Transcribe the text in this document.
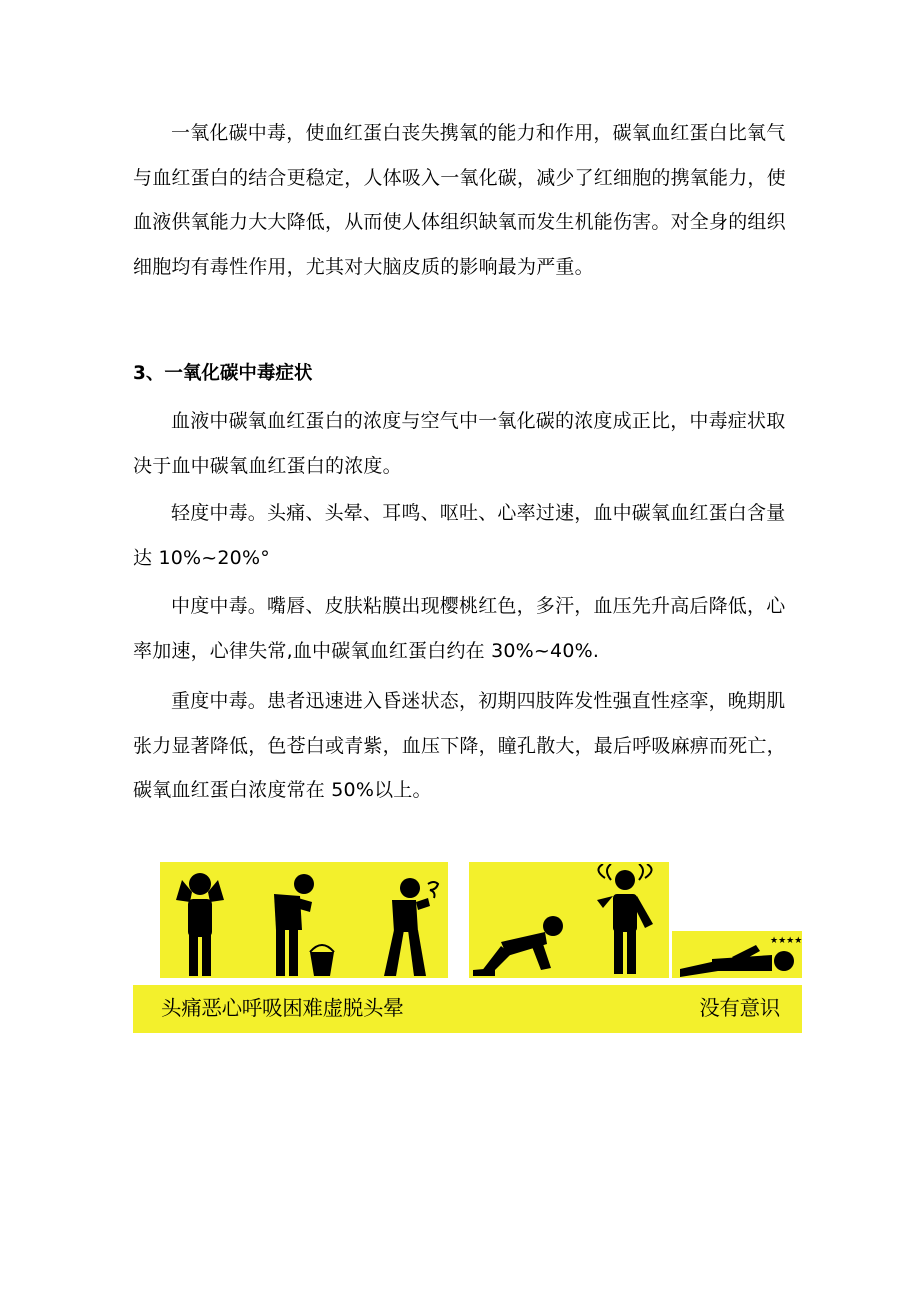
一氧化碳中毒，使血红蛋白丧失携氧的能力和作用，碳氧血红蛋白比氧气与血红蛋白的结合更稳定，人体吸入一氧化碳，减少了红细胞的携氧能力，使血液供氧能力大大降低，从而使人体组织缺氧而发生机能伤害。对全身的组织细胞均有毒性作用，尤其对大脑皮质的影响最为严重。

3、一氧化碳中毒症状

血液中碳氧血红蛋白的浓度与空气中一氧化碳的浓度成正比，中毒症状取决于血中碳氧血红蛋白的浓度。

轻度中毒。头痛、头晕、耳鸣、呕吐、心率过速，血中碳氧血红蛋白含量达 10%~20%°

中度中毒。嘴唇、皮肤粘膜出现樱桃红色，多汗，血压先升高后降低，心率加速，心律失常,血中碳氧血红蛋白约在 30%~40%.

重度中毒。患者迅速进入昏迷状态，初期四肢阵发性强直性痉挛，晚期肌张力显著降低，色苍白或青紫，血压下降，瞳孔散大，最后呼吸麻痹而死亡，碳氧血红蛋白浓度常在 50%以上。

★★★★
头痛恶心呼吸困难虚脱头晕	没有意识
